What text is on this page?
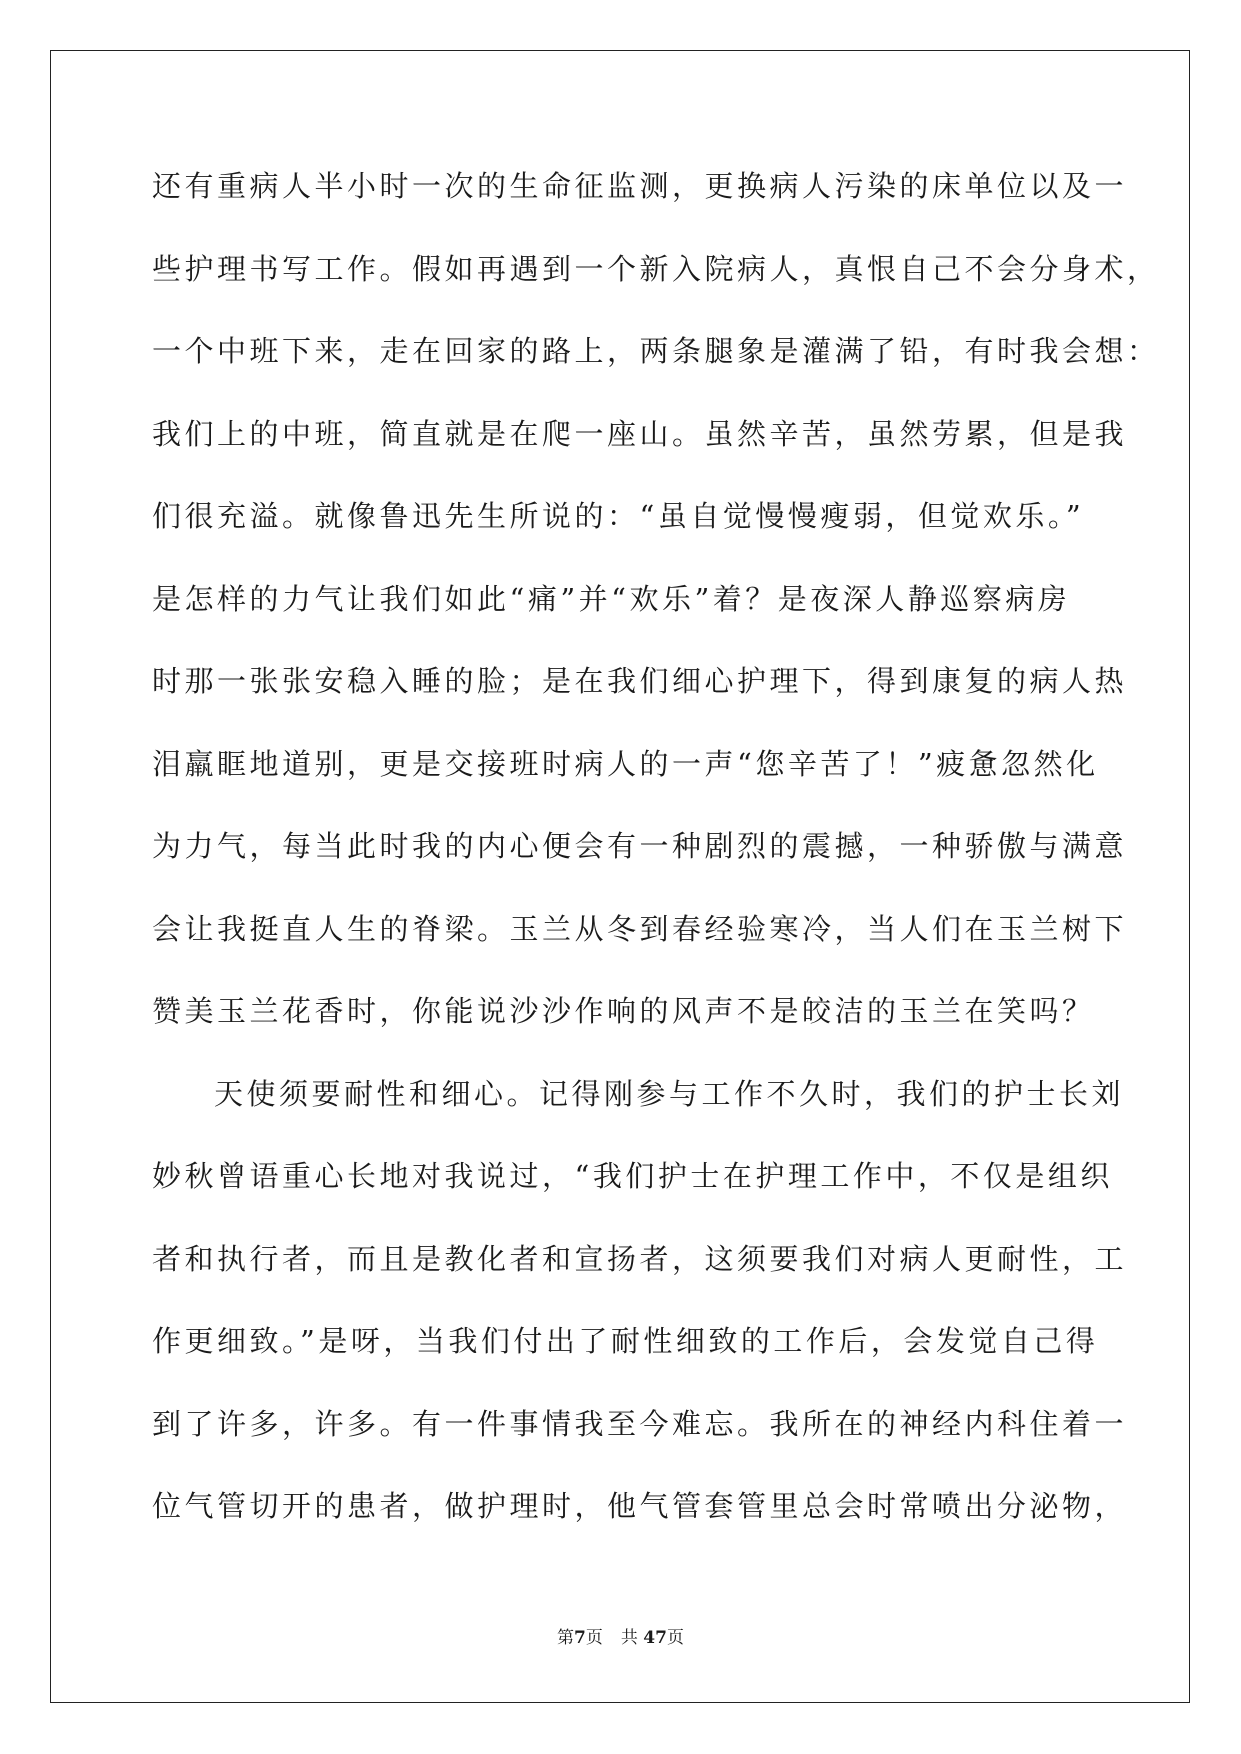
还有重病人半小时一次的生命征监测，更换病人污染的床单位以及一
些护理书写工作。假如再遇到一个新入院病人，真恨自己不会分身术，
一个中班下来，走在回家的路上，两条腿象是灌满了铅，有时我会想：
我们上的中班，简直就是在爬一座山。虽然辛苦，虽然劳累，但是我
们很充溢。就像鲁迅先生所说的：“虽自觉慢慢瘦弱，但觉欢乐。”
是怎样的力气让我们如此“痛”并“欢乐”着？是夜深人静巡察病房
时那一张张安稳入睡的脸；是在我们细心护理下，得到康复的病人热
泪羸眶地道别，更是交接班时病人的一声“您辛苦了！”疲惫忽然化
为力气，每当此时我的内心便会有一种剧烈的震撼，一种骄傲与满意
会让我挺直人生的脊梁。玉兰从冬到春经验寒冷，当人们在玉兰树下
赞美玉兰花香时，你能说沙沙作响的风声不是皎洁的玉兰在笑吗？
天使须要耐性和细心。记得刚参与工作不久时，我们的护士长刘
妙秋曾语重心长地对我说过，“我们护士在护理工作中，不仅是组织
者和执行者，而且是教化者和宣扬者，这须要我们对病人更耐性，工
作更细致。”是呀，当我们付出了耐性细致的工作后，会发觉自己得
到了许多，许多。有一件事情我至今难忘。我所在的神经内科住着一
位气管切开的患者，做护理时，他气管套管里总会时常喷出分泌物，
第7页 共 47页
